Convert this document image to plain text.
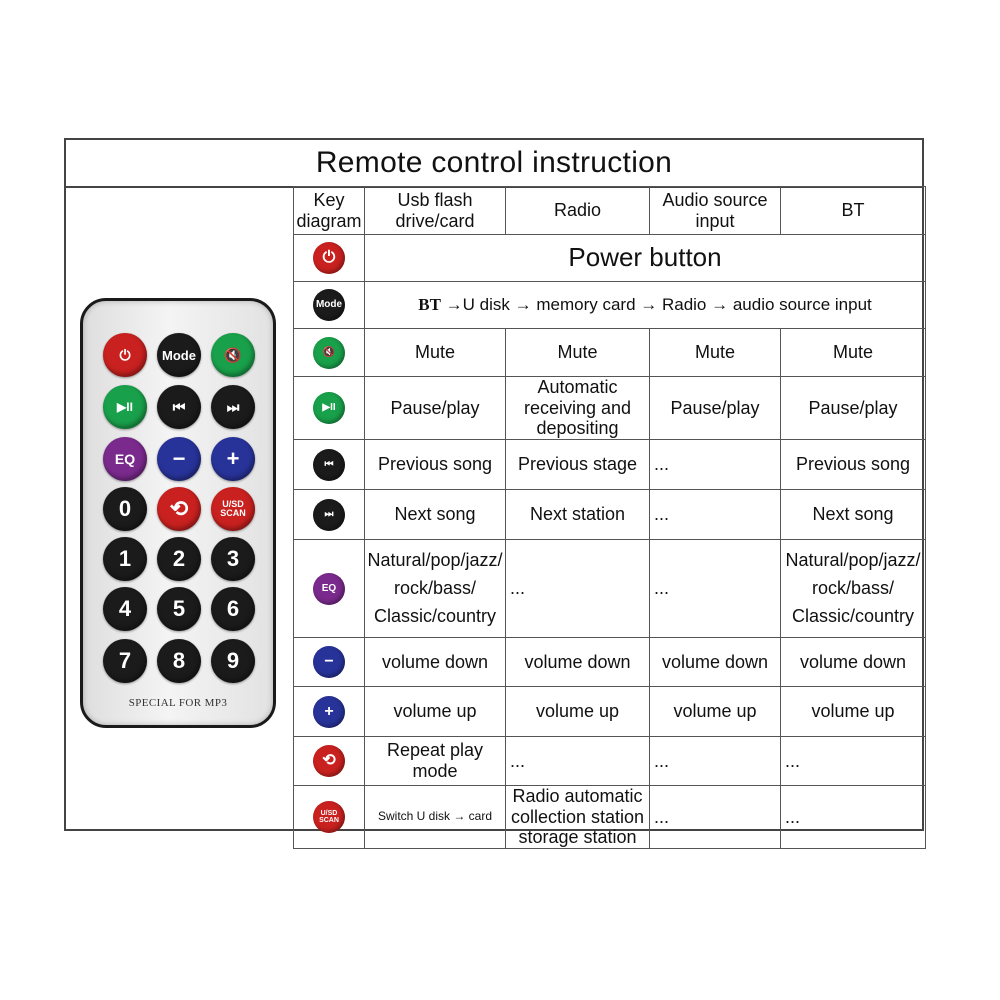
Remote control instruction
⏻ Mode 🔇
▶II	⏮	⏭
EQ − +
0 ⟲	U/SD SCAN
1 2 3
4 5 6
7 8 9
SPECIAL FOR MP3
Key diagram	Usb flash drive/card	Radio	Audio source input	BT

⏻	Power button			

Mode	BT →U disk → memory card → Radio → audio source input			

🔇	Mute	Mute	Mute	Mute

▶II	Pause/play	Automatic receiving and depositing	Pause/play	Pause/play

⏮	Previous song	Previous stage	...	Previous song

⏭	Next song	Next station	...	Next song

EQ	Natural/pop/jazz/ rock/bass/ Classic/country	...	...	Natural/pop/jazz/ rock/bass/ Classic/country

−	volume down	volume down	volume down	volume down

+	volume up	volume up	volume up	volume up

⟲	Repeat play mode	...	...	...

U/SD SCAN	Switch U disk → card	Radio automatic collection station storage station	...	...
